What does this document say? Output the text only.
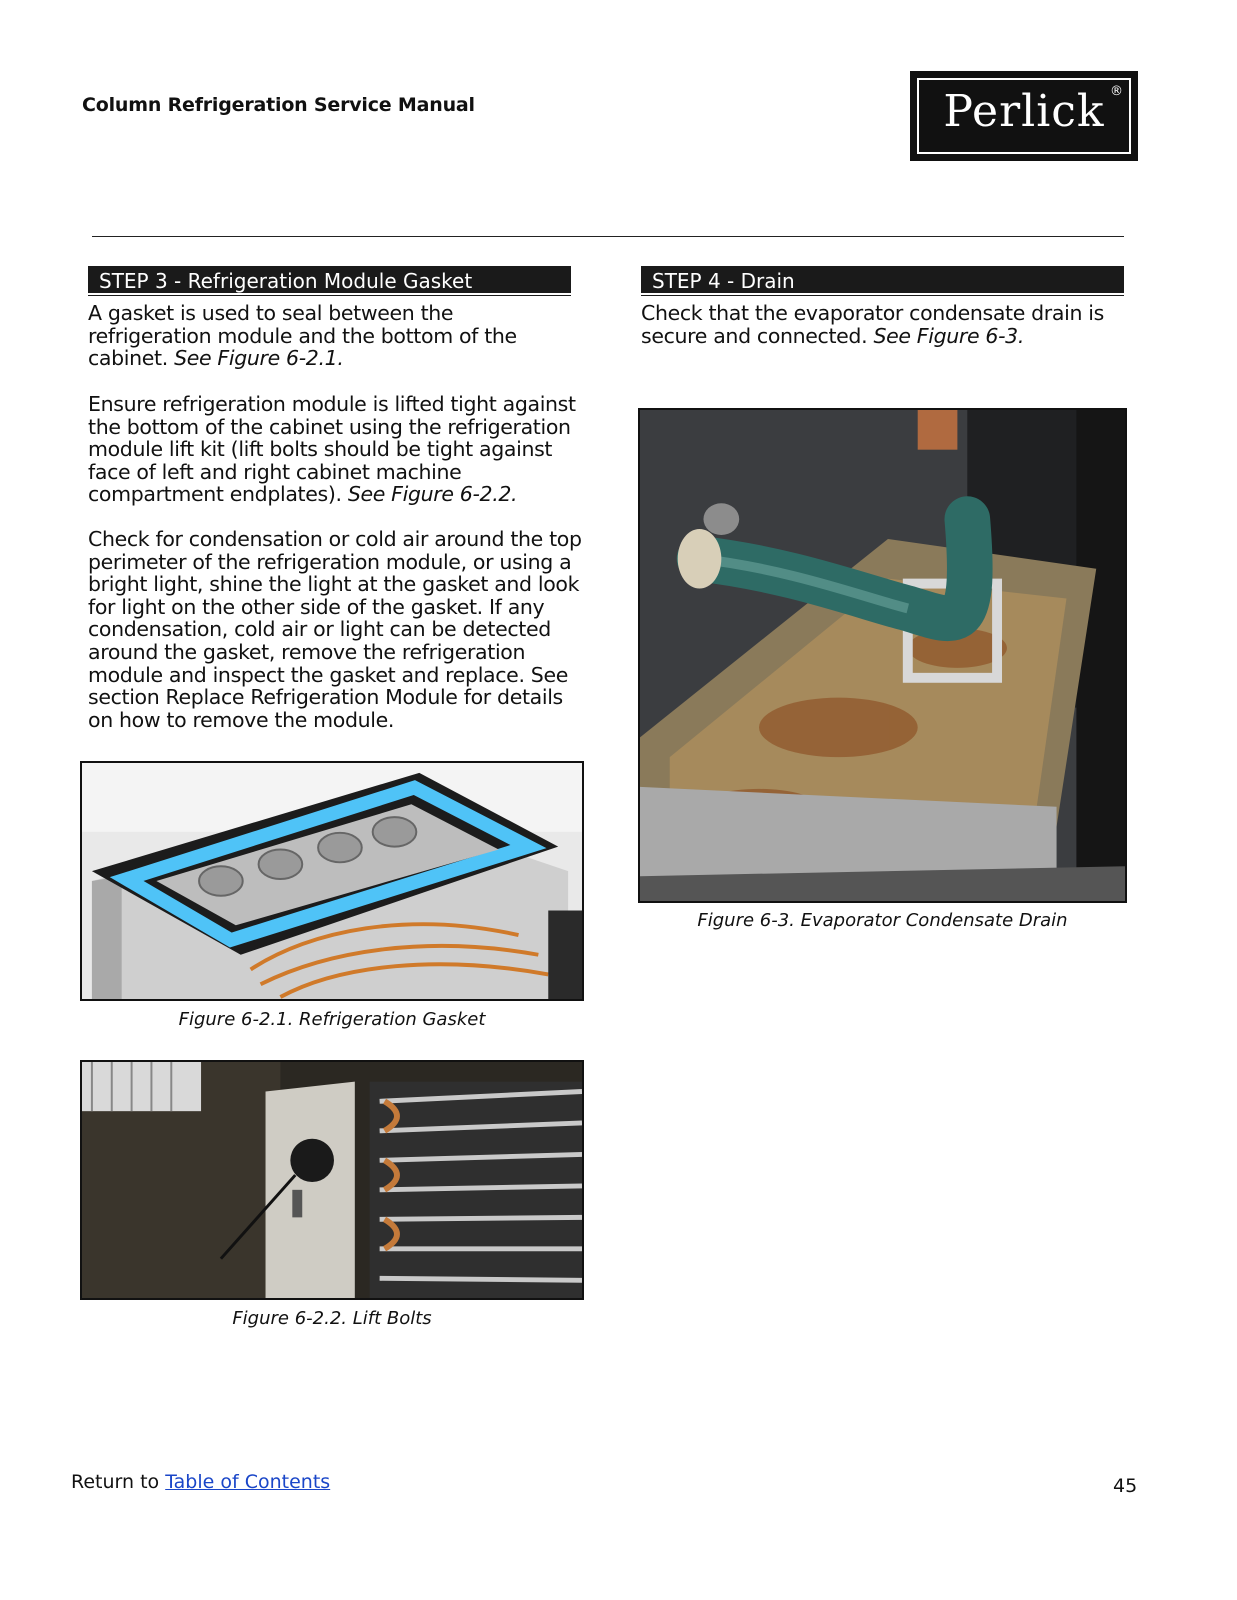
Column Refrigeration Service Manual	Perlick ®
STEP 3 - Refrigeration Module Gasket

A gasket is used to seal between the refrigeration module and the bottom of the cabinet. See Figure 6-2.1.

Ensure refrigeration module is lifted tight against the bottom of the cabinet using the refrigeration module lift kit (lift bolts should be tight against face of left and right cabinet machine compartment endplates). See Figure 6-2.2.

Check for condensation or cold air around the top perimeter of the refrigeration module, or using a bright light, shine the light at the gasket and look for light on the other side of the gasket. If any condensation, cold air or light can be detected around the gasket, remove the refrigeration module and inspect the gasket and replace. See section Replace Refrigeration Module for details on how to remove the module.

Figure 6-2.1. Refrigeration Gasket
Figure 6-2.2. Lift Bolts
STEP 4 - Drain

Check that the evaporator condensate drain is secure and connected. See Figure 6-3.

Figure 6-3. Evaporator Condensate Drain
Return to Table of Contents	45
